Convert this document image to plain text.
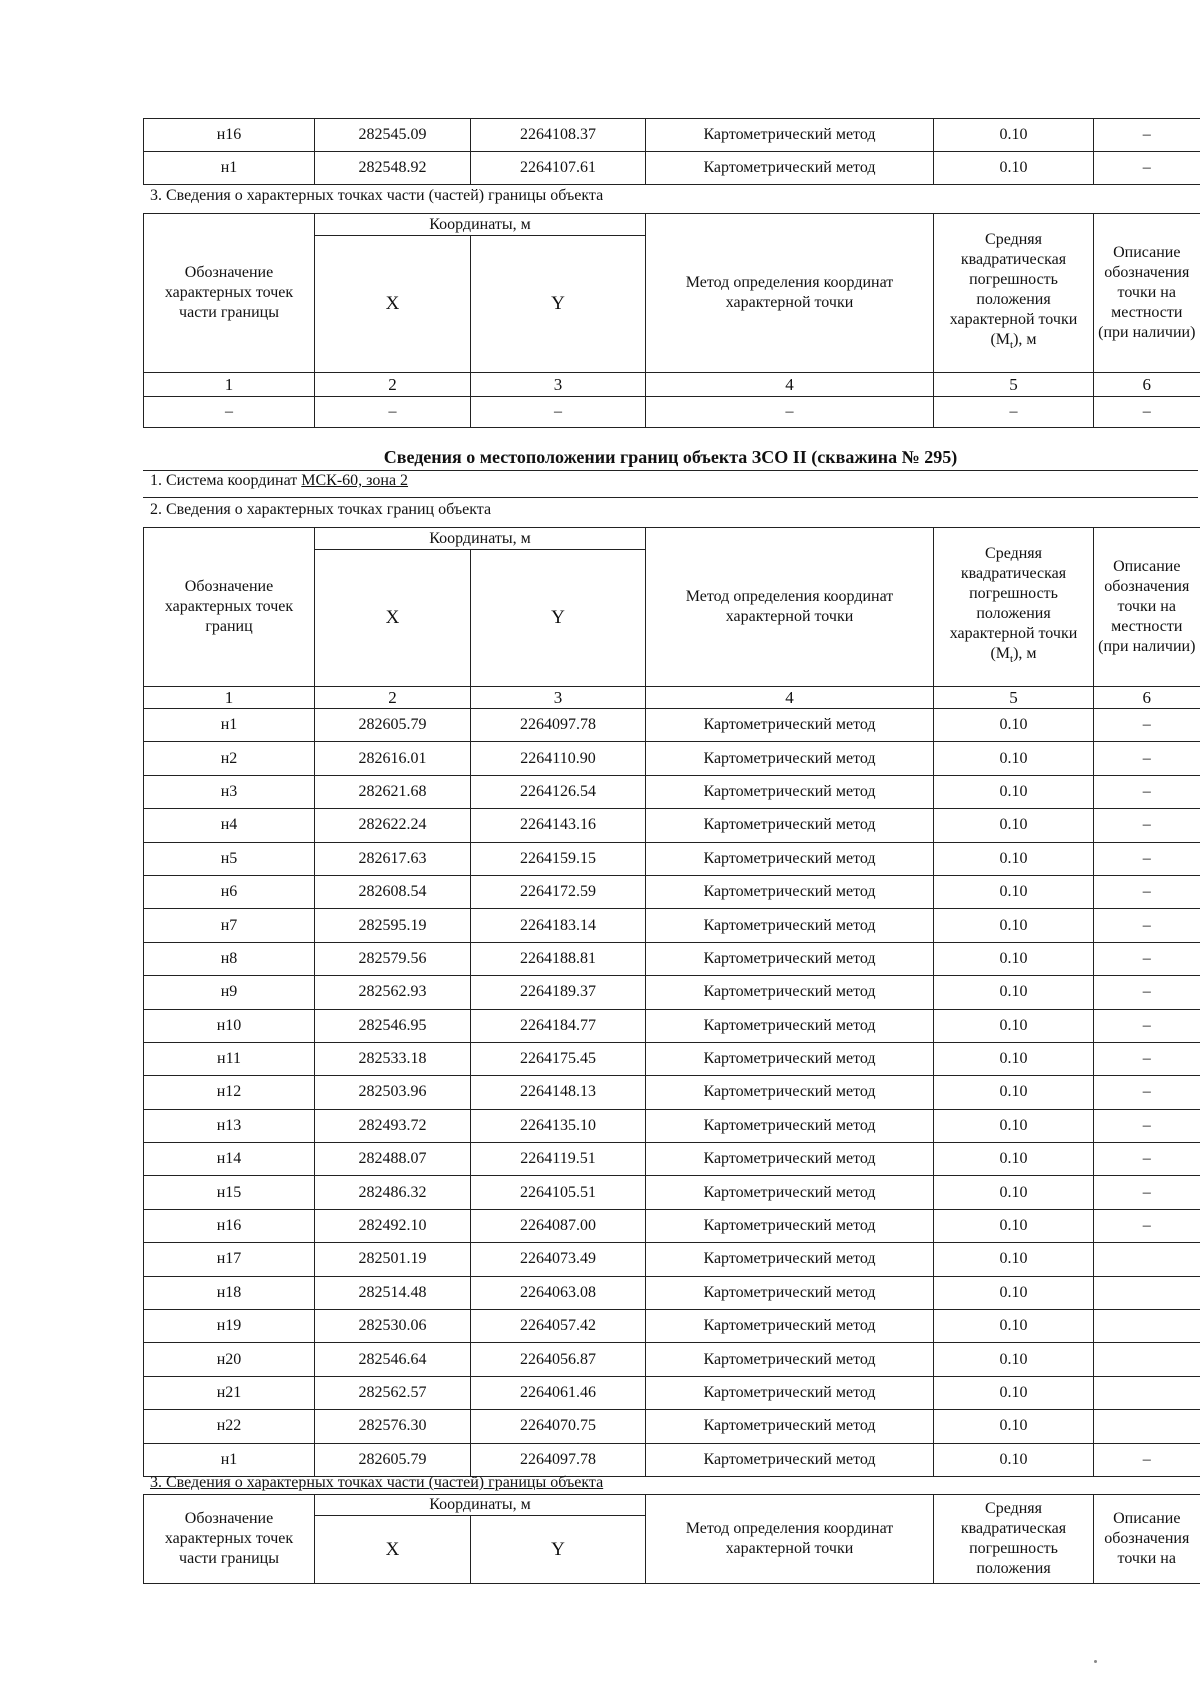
н16	282545.09	2264108.37	Картометрический метод	0.10	–
н1	282548.92	2264107.61	Картометрический метод	0.10	–
3. Сведения о характерных точках части (частей) границы объекта
Обозначение характерных точек части границы	Координаты, м		Метод определения координат характерной точки	Средняя квадратическая погрешность положения характерной точки $(M_t)$, м	Описание обозначения точки на местности (при наличии)
	X	Y			
1	2	3	4	5	6
–	–	–	–	–	–
Сведения о местоположении границ объекта ЗСО II (скважина № 295)
1. Система координат МСК-60, зона 2
2. Сведения о характерных точках границ объекта
Обозначение характерных точек границ	Координаты, м		Метод определения координат характерной точки	Средняя квадратическая погрешность положения характерной точки $(M_t)$, м	Описание обозначения точки на местности (при наличии)
	X	Y			
1	2	3	4	5	6
н1	282605.79	2264097.78	Картометрический метод	0.10	–
н2	282616.01	2264110.90	Картометрический метод	0.10	–
н3	282621.68	2264126.54	Картометрический метод	0.10	–
н4	282622.24	2264143.16	Картометрический метод	0.10	–
н5	282617.63	2264159.15	Картометрический метод	0.10	–
н6	282608.54	2264172.59	Картометрический метод	0.10	–
н7	282595.19	2264183.14	Картометрический метод	0.10	–
н8	282579.56	2264188.81	Картометрический метод	0.10	–
н9	282562.93	2264189.37	Картометрический метод	0.10	–
н10	282546.95	2264184.77	Картометрический метод	0.10	–
н11	282533.18	2264175.45	Картометрический метод	0.10	–
н12	282503.96	2264148.13	Картометрический метод	0.10	–
н13	282493.72	2264135.10	Картометрический метод	0.10	–
н14	282488.07	2264119.51	Картометрический метод	0.10	–
н15	282486.32	2264105.51	Картометрический метод	0.10	–
н16	282492.10	2264087.00	Картометрический метод	0.10	–
н17	282501.19	2264073.49	Картометрический метод	0.10	
н18	282514.48	2264063.08	Картометрический метод	0.10	
н19	282530.06	2264057.42	Картометрический метод	0.10	
н20	282546.64	2264056.87	Картометрический метод	0.10	
н21	282562.57	2264061.46	Картометрический метод	0.10	
н22	282576.30	2264070.75	Картометрический метод	0.10	
н1	282605.79	2264097.78	Картометрический метод	0.10	–
3. Сведения о характерных точках части (частей) границы объекта
Обозначение характерных точек части границы	Координаты, м		Метод определения координат характерной точки	Средняя квадратическая погрешность положения	Описание обозначения точки на
	X	Y			
